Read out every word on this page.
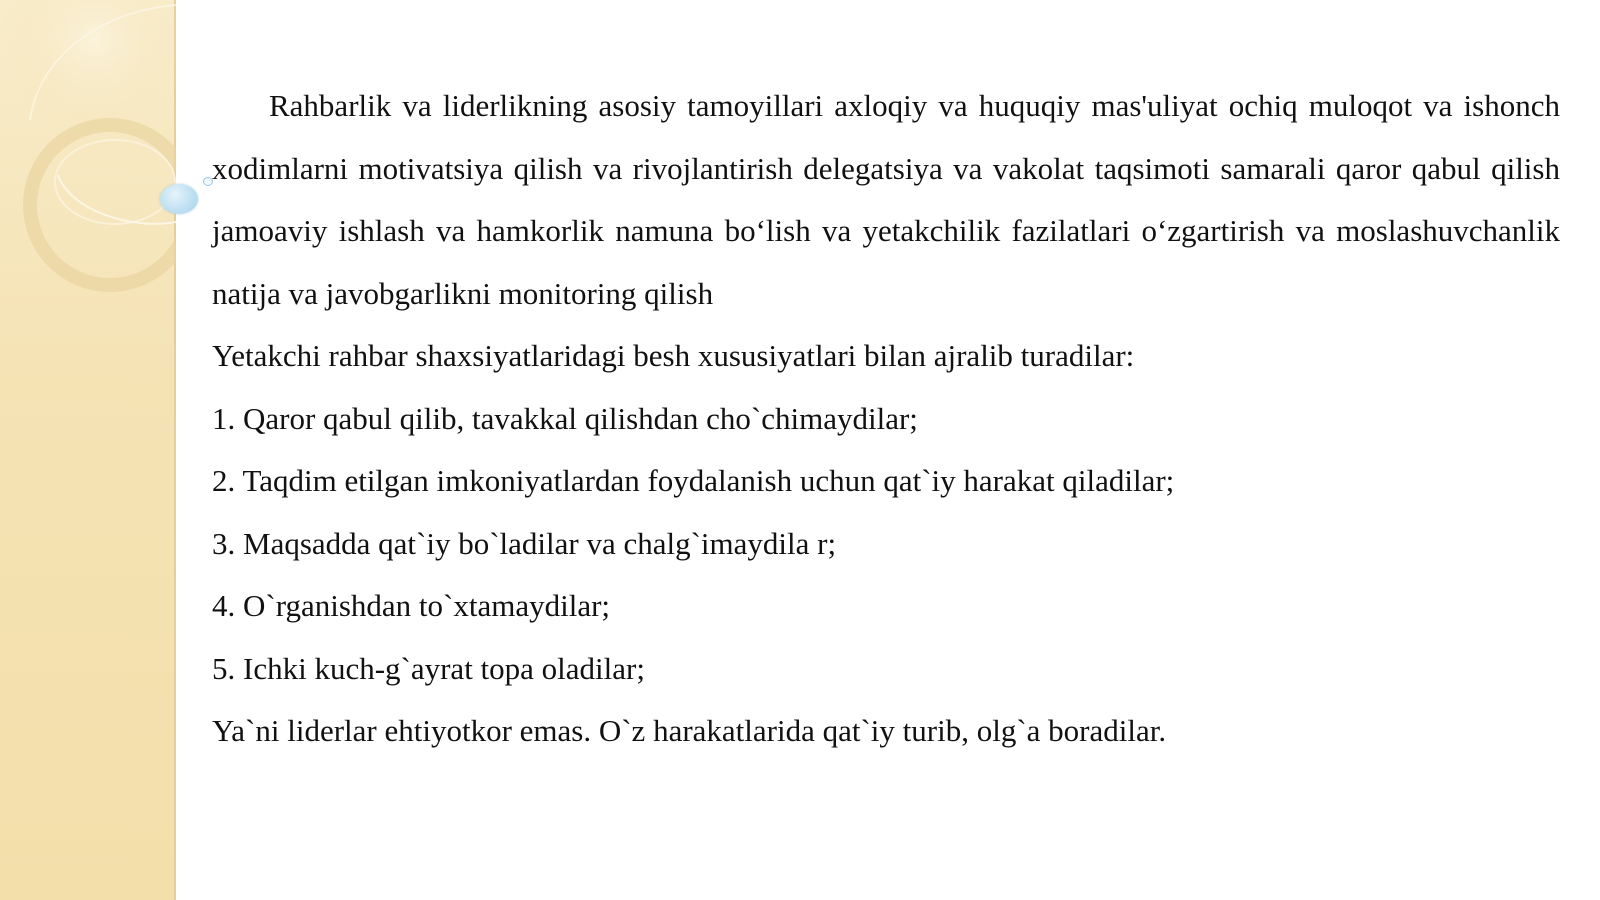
Rahbarlik va liderlikning asosiy tamoyillari axloqiy va huquqiy mas'uliyat ochiq muloqot va ishonch xodimlarni motivatsiya qilish va rivojlantirish delegatsiya va vakolat taqsimoti samarali qaror qabul qilish jamoaviy ishlash va hamkorlik namuna bo‘lish va yetakchilik fazilatlari o‘zgartirish va moslashuvchanlik natija va javobgarlikni monitoring qilish

Yetakchi rahbar shaxsiyatlaridagi besh xususiyatlari bilan ajralib turadilar:

1. Qaror qabul qilib, tavakkal qilishdan cho`chimaydilar;

2. Taqdim etilgan imkoniyatlardan foydalanish uchun qat`iy harakat qiladilar;

3. Maqsadda qat`iy bo`ladilar va chalg`imaydila r;

4. O`rganishdan to`xtamaydilar;

5. Ichki kuch-g`ayrat topa oladilar;

Ya`ni liderlar ehtiyotkor emas. O`z harakatlarida qat`iy turib, olg`a boradilar.
